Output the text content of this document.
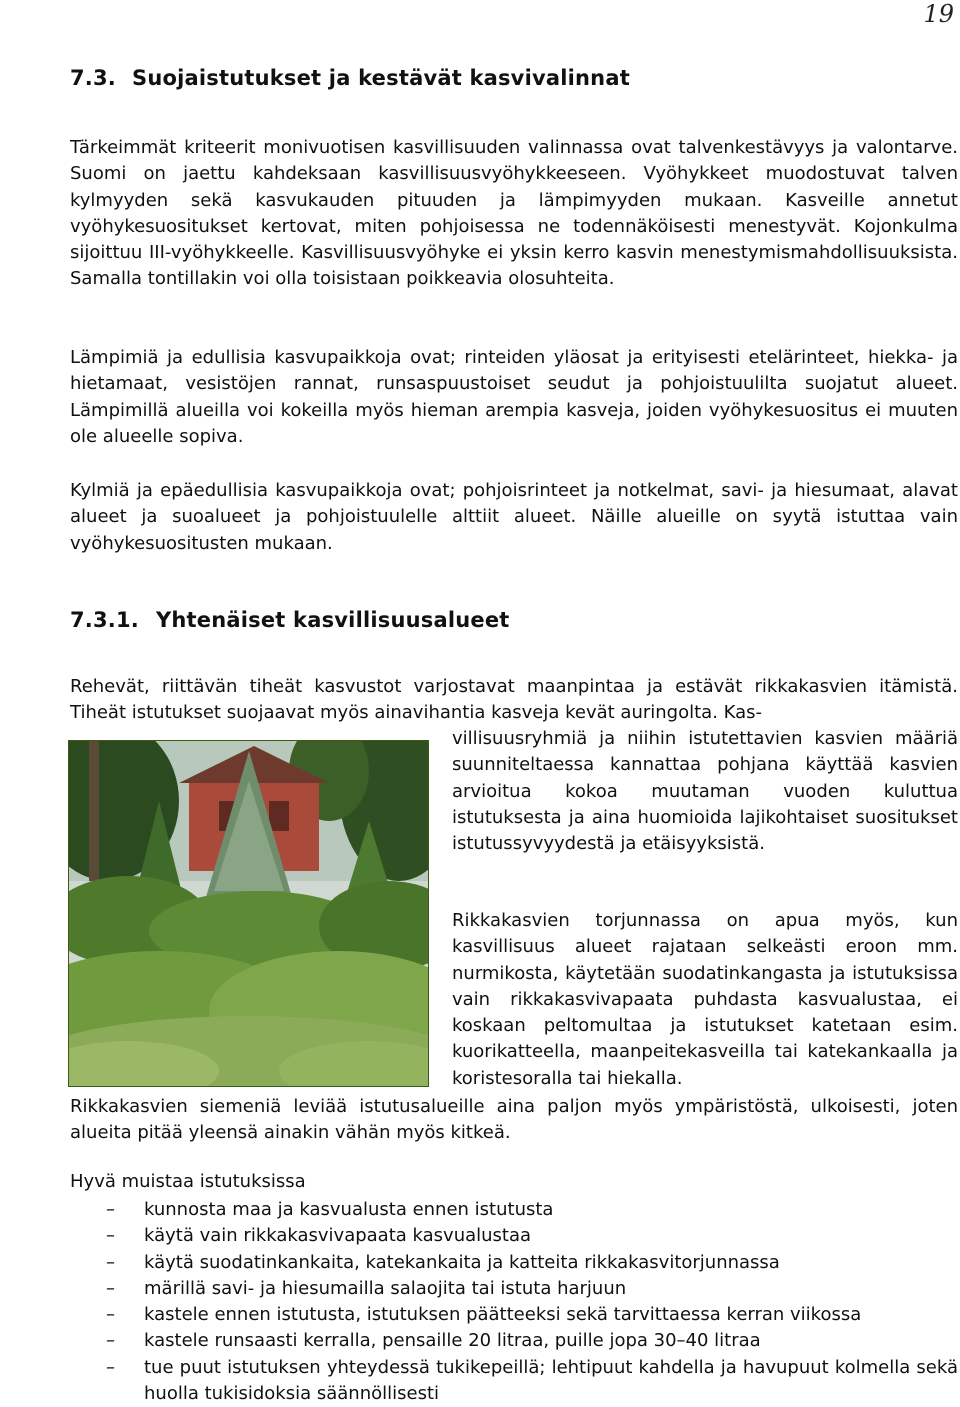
19
7.3. Suojaistutukset ja kestävät kasvivalinnat

Tärkeimmät kriteerit monivuotisen kasvillisuuden valinnassa ovat talvenkestävyys ja valontarve. Suomi on jaettu kahdeksaan kasvillisuusvyöhykkeeseen. Vyöhykkeet muodostuvat talven kylmyyden sekä kasvukauden pituuden ja lämpimyyden mukaan. Kasveille annetut vyöhykesuositukset kertovat, miten pohjoisessa ne todennäköisesti menestyvät. Kojonkulma sijoittuu III-vyöhykkeelle. Kasvillisuusvyöhyke ei yksin kerro kasvin menestymismahdollisuuksista. Samalla tontillakin voi olla toisistaan poikkeavia olosuhteita.

Lämpimiä ja edullisia kasvupaikkoja ovat; rinteiden yläosat ja erityisesti etelärinteet, hiekka- ja hietamaat, vesistöjen rannat, runsaspuustoiset seudut ja pohjoistuulilta suojatut alueet. Lämpimillä alueilla voi kokeilla myös hieman arempia kasveja, joiden vyöhykesuositus ei muuten ole alueelle sopiva.

Kylmiä ja epäedullisia kasvupaikkoja ovat; pohjoisrinteet ja notkelmat, savi- ja hiesumaat, alavat alueet ja suoalueet ja pohjoistuulelle alttiit alueet. Näille alueille on syytä istuttaa vain vyöhykesuositusten mukaan.

7.3.1. Yhtenäiset kasvillisuusalueet

Rehevät, riittävän tiheät kasvustot varjostavat maanpintaa ja estävät rikkakasvien itämistä. Tiheät istutukset suojaavat myös ainavihantia kasveja kevät auringolta. Kas-

villisuusryhmiä ja niihin istutettavien kasvien määriä suunniteltaessa kannattaa pohjana käyttää kasvien arvioitua kokoa muutaman vuoden kuluttua istutuksesta ja aina huomioida lajikohtaiset suositukset istutussyvyydestä ja etäisyyksistä.

Rikkakasvien torjunnassa on apua myös, kun kasvillisuus alueet rajataan selkeästi eroon mm. nurmikosta, käytetään suodatinkangasta ja istutuksissa vain rikkakasvivapaata puhdasta kasvualustaa, ei koskaan peltomultaa ja istutukset katetaan esim. kuorikatteella, maanpeitekasveilla tai katekankaalla ja koristesoralla tai hiekalla.

Rikkakasvien siemeniä leviää istutusalueille aina paljon myös ympäristöstä, ulkoisesti, joten alueita pitää yleensä ainakin vähän myös kitkeä.

Hyvä muistaa istutuksissa

– kunnosta maa ja kasvualusta ennen istutusta
– käytä vain rikkakasvivapaata kasvualustaa
– käytä suodatinkankaita, katekankaita ja katteita rikkakasvitorjunnassa
– märillä savi- ja hiesumailla salaojita tai istuta harjuun
– kastele ennen istutusta, istutuksen päätteeksi sekä tarvittaessa kerran viikossa
– kastele runsaasti kerralla, pensaille 20 litraa, puille jopa 30–40 litraa
– tue puut istutuksen yhteydessä tukikepeillä; lehtipuut kahdella ja havupuut kolmella sekä huolla tukisidoksia säännöllisesti
